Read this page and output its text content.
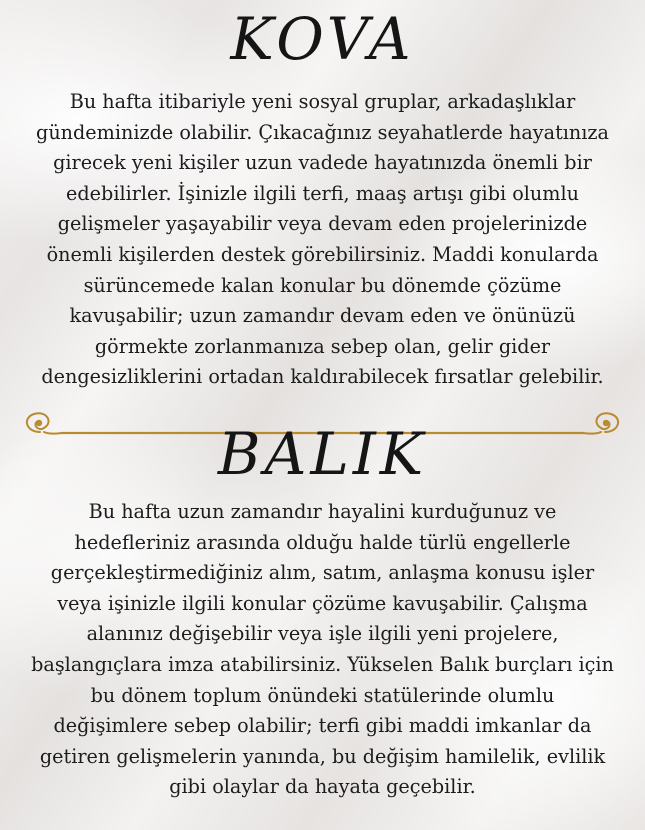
KOVA

Bu hafta itibariyle yeni sosyal gruplar, arkadaşlıklar
gündeminizde olabilir. Çıkacağınız seyahatlerde hayatınıza
girecek yeni kişiler uzun vadede hayatınızda önemli bir
edebilirler. İşinizle ilgili terfi, maaş artışı gibi olumlu
gelişmeler yaşayabilir veya devam eden projelerinizde
önemli kişilerden destek görebilirsiniz. Maddi konularda
sürüncemede kalan konular bu dönemde çözüme
kavuşabilir; uzun zamandır devam eden ve önünüzü
görmekte zorlanmanıza sebep olan, gelir gider
dengesizliklerini ortadan kaldırabilecek fırsatlar gelebilir.

BALIK

Bu hafta uzun zamandır hayalini kurduğunuz ve
hedefleriniz arasında olduğu halde türlü engellerle
gerçekleştirmediğiniz alım, satım, anlaşma konusu işler
veya işinizle ilgili konular çözüme kavuşabilir. Çalışma
alanınız değişebilir veya işle ilgili yeni projelere,
başlangıçlara imza atabilirsiniz. Yükselen Balık burçları için
bu dönem toplum önündeki statülerinde olumlu
değişimlere sebep olabilir; terfi gibi maddi imkanlar da
getiren gelişmelerin yanında, bu değişim hamilelik, evlilik
gibi olaylar da hayata geçebilir.
